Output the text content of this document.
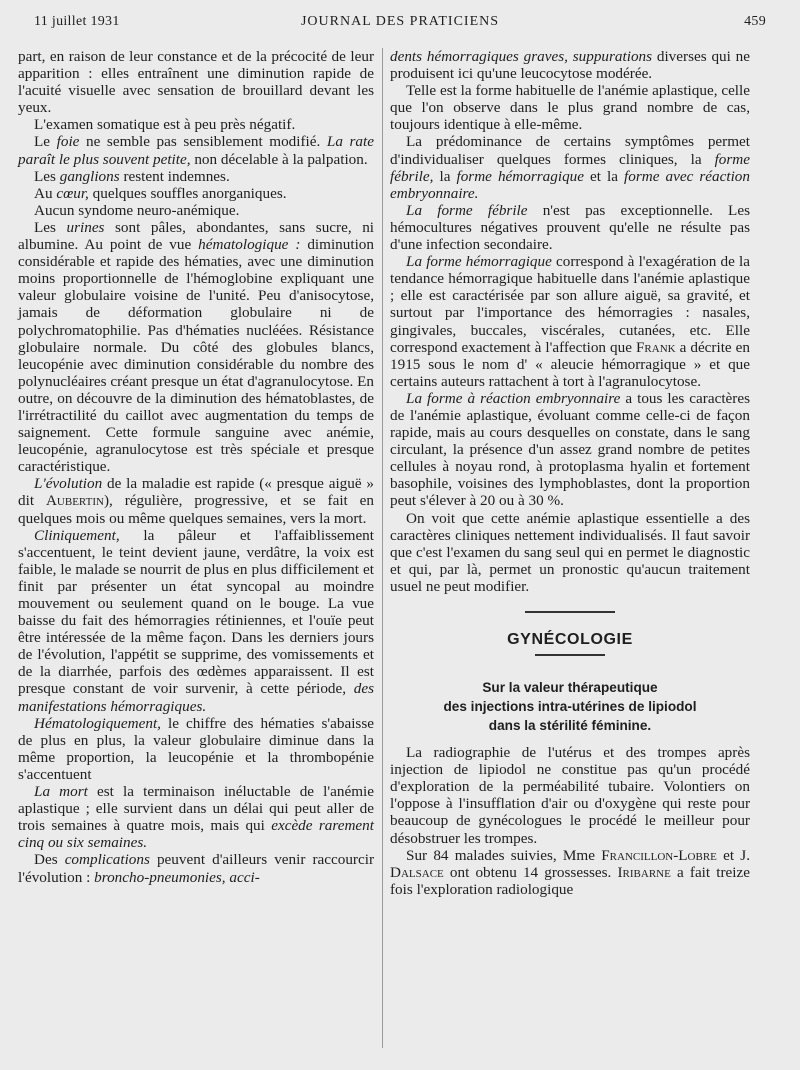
11 juillet 1931	JOURNAL DES PRATICIENS	459

part, en raison de leur constance et de la précocité de leur apparition : elles entraînent une diminution rapide de l'acuité visuelle avec sensation de brouillard devant les yeux.

L'examen somatique est à peu près négatif.

Le foie ne semble pas sensiblement modifié. La rate paraît le plus souvent petite, non décelable à la palpation.

Les ganglions restent indemnes.

Au cœur, quelques souffles anorganiques.

Aucun syndome neuro-anémique.

Les urines sont pâles, abondantes, sans sucre, ni albumine. Au point de vue hématologique : diminution considérable et rapide des hématies, avec une diminution moins proportionnelle de l'hémoglobine expliquant une valeur globulaire voisine de l'unité. Peu d'anisocytose, jamais de déformation globulaire ni de polychromatophilie. Pas d'hématies nucléées. Résistance globulaire normale. Du côté des globules blancs, leucopénie avec diminution considérable du nombre des polynucléaires créant presque un état d'agranulocytose. En outre, on découvre de la diminution des hématoblastes, de l'irrétractilité du caillot avec augmentation du temps de saignement. Cette formule sanguine avec anémie, leucopénie, agranulocytose est très spéciale et presque caractéristique.

L'évolution de la maladie est rapide (« presque aiguë » dit Aubertin), régulière, progressive, et se fait en quelques mois ou même quelques semaines, vers la mort.

Cliniquement, la pâleur et l'affaiblissement s'accentuent, le teint devient jaune, verdâtre, la voix est faible, le malade se nourrit de plus en plus difficilement et finit par présenter un état syncopal au moindre mouvement ou seulement quand on le bouge. La vue baisse du fait des hémorragies rétiniennes, et l'ouïe peut être intéressée de la même façon. Dans les derniers jours de l'évolution, l'appétit se supprime, des vomissements et de la diarrhée, parfois des œdèmes apparaissent. Il est presque constant de voir survenir, à cette période, des manifestations hémorragiques.

Hématologiquement, le chiffre des hématies s'abaisse de plus en plus, la valeur globulaire diminue dans la même proportion, la leucopénie et la thrombopénie s'accentuent

La mort est la terminaison inéluctable de l'anémie aplastique ; elle survient dans un délai qui peut aller de trois semaines à quatre mois, mais qui excède rarement cinq ou six semaines.

Des complications peuvent d'ailleurs venir raccourcir l'évolution : broncho-pneumonies, acci-

dents hémorragiques graves, suppurations diverses qui ne produisent ici qu'une leucocytose modérée.

Telle est la forme habituelle de l'anémie aplastique, celle que l'on observe dans le plus grand nombre de cas, toujours identique à elle-même.

La prédominance de certains symptômes permet d'individualiser quelques formes cliniques, la forme fébrile, la forme hémorragique et la forme avec réaction embryonnaire.

La forme fébrile n'est pas exceptionnelle. Les hémocultures négatives prouvent qu'elle ne résulte pas d'une infection secondaire.

La forme hémorragique correspond à l'exagération de la tendance hémorragique habituelle dans l'anémie aplastique ; elle est caractérisée par son allure aiguë, sa gravité, et surtout par l'importance des hémorragies : nasales, gingivales, buccales, viscérales, cutanées, etc. Elle correspond exactement à l'affection que Frank a décrite en 1915 sous le nom d' « aleucie hémorragique » et que certains auteurs rattachent à tort à l'agranulocytose.

La forme à réaction embryonnaire a tous les caractères de l'anémie aplastique, évoluant comme celle-ci de façon rapide, mais au cours desquelles on constate, dans le sang circulant, la présence d'un assez grand nombre de petites cellules à noyau rond, à protoplasma hyalin et fortement basophile, voisines des lymphoblastes, dont la proportion peut s'élever à 20 ou à 30 %.

On voit que cette anémie aplastique essentielle a des caractères cliniques nettement individualisés. Il faut savoir que c'est l'examen du sang seul qui en permet le diagnostic et qui, par là, permet un pronostic qu'aucun traitement usuel ne peut modifier.

GYNÉCOLOGIE
Sur la valeur thérapeutique
des injections intra-utérines de lipiodol
dans la stérilité féminine.

La radiographie de l'utérus et des trompes après injection de lipiodol ne constitue pas qu'un procédé d'exploration de la perméabilité tubaire. Volontiers on l'oppose à l'insufflation d'air ou d'oxygène qui reste pour beaucoup de gynécologues le procédé le meilleur pour désobstruer les trompes.

Sur 84 malades suivies, Mme Francillon-Lobre et J. Dalsace ont obtenu 14 grossesses. Iribarne a fait treize fois l'exploration radiologique
